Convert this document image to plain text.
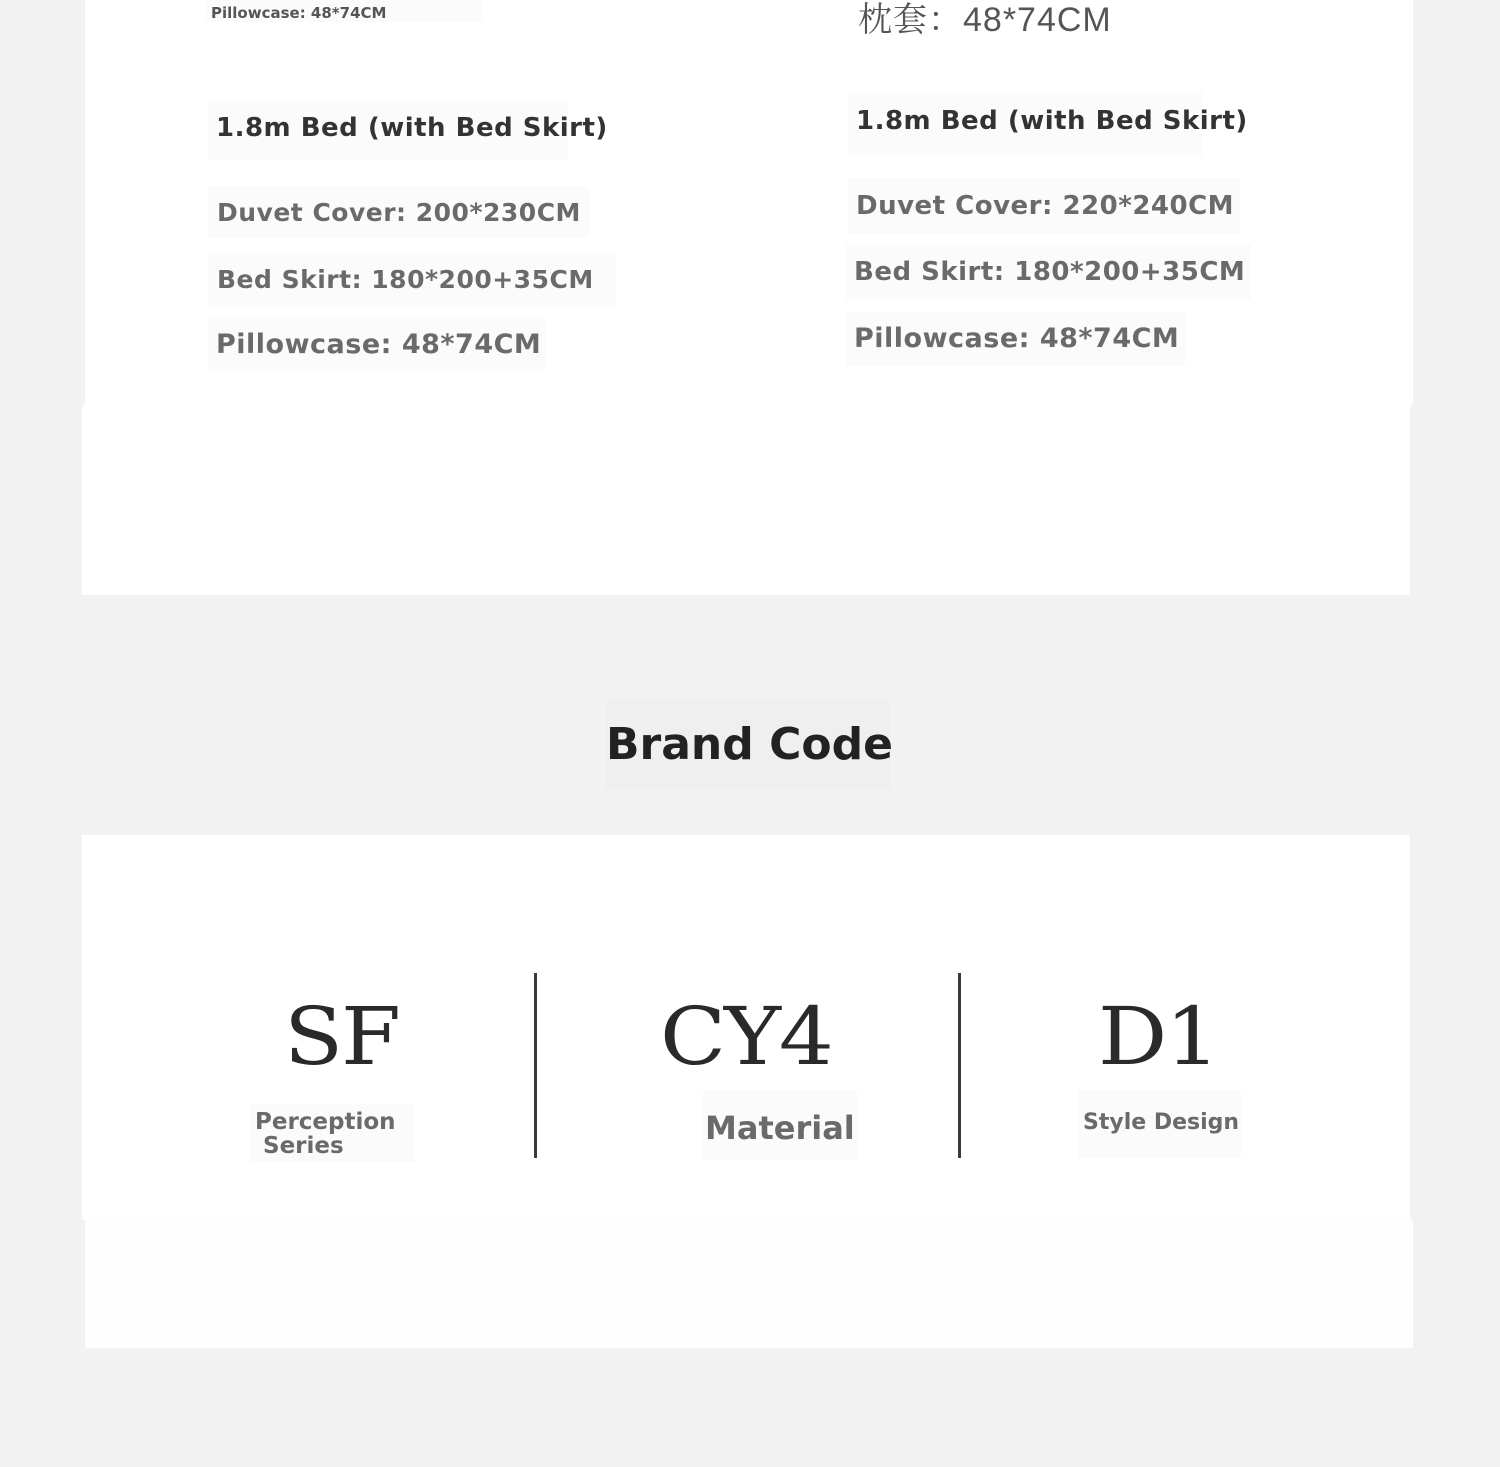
Pillowcase: 48*74CM	枕套：48*74CM
1.8m Bed (with Bed Skirt)
Duvet Cover: 200*230CM
Bed Skirt: 180*200+35CM
Pillowcase: 48*74CM
1.8m Bed (with Bed Skirt)
Duvet Cover: 220*240CM
Bed Skirt: 180*200+35CM
Pillowcase: 48*74CM
Brand Code
SF
Perception
Series
CY4
Material
D1
Style Design
